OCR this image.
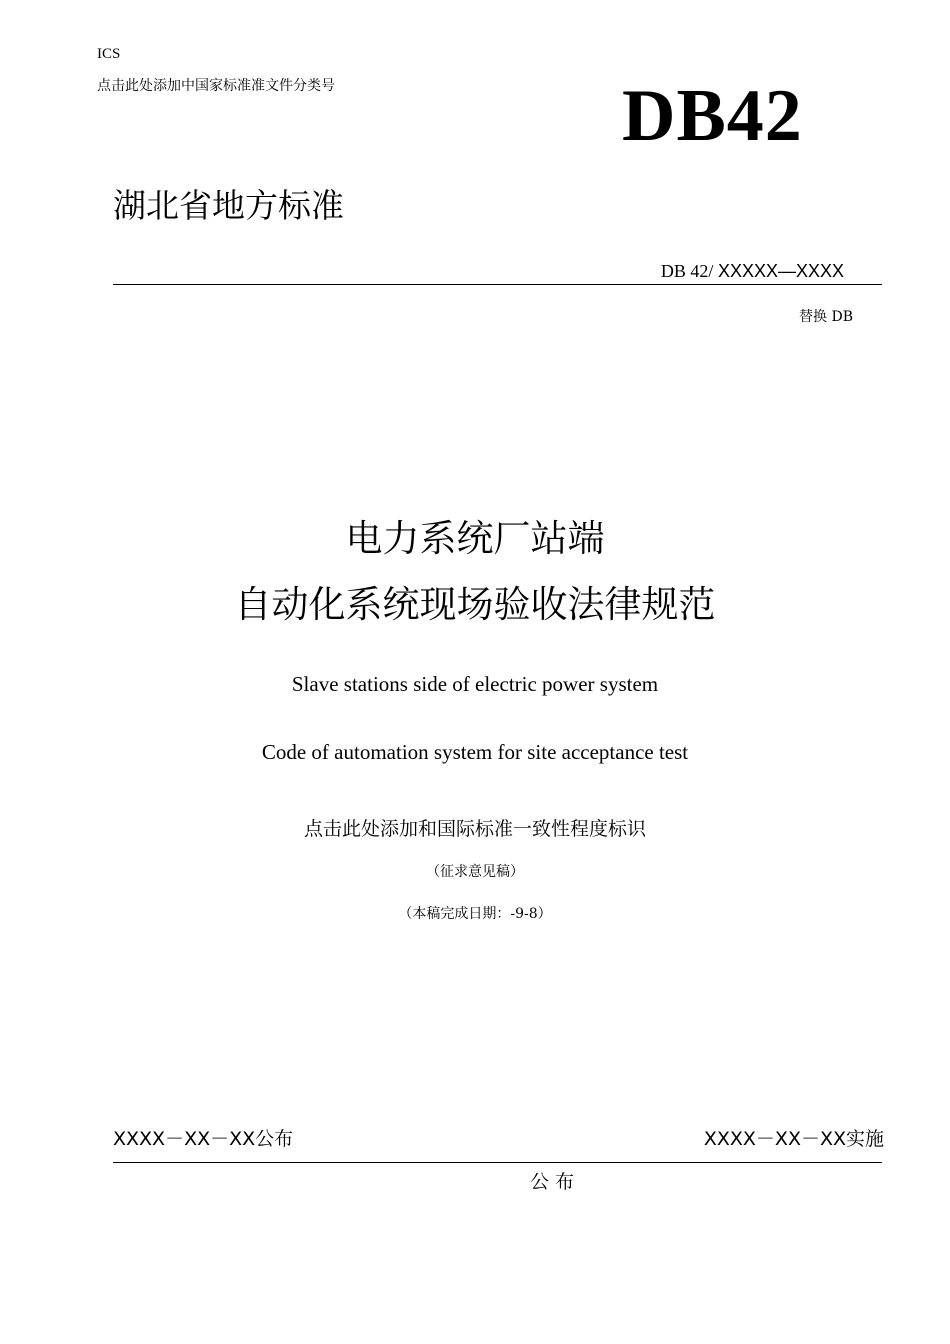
ICS
点击此处添加中国家标准准文件分类号	DB42
湖北省地方标准
DB 42/ XXXXX—XXXX
替换 DB
电力系统厂站端
自动化系统现场验收法律规范
Slave stations side of electric power system
Code of automation system for site acceptance test
点击此处添加和国际标准一致性程度标识
（征求意见稿）
（本稿完成日期：-9-8）
XXXX－XX－XX公布	XXXX－XX－XX实施
公布
